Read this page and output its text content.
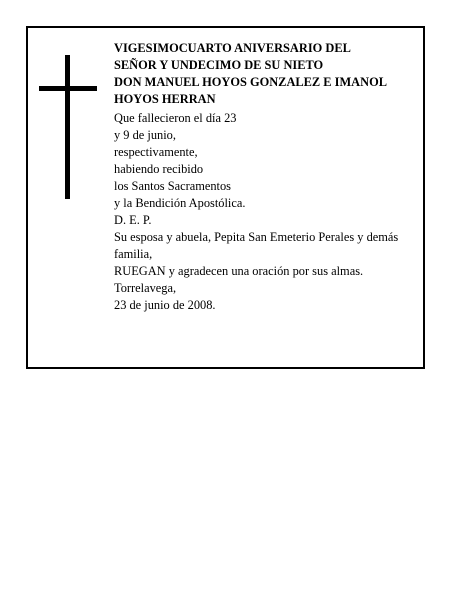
VIGESIMOCUARTO ANIVERSARIO DEL
SEÑOR Y UNDECIMO DE SU NIETO
DON MANUEL HOYOS GONZALEZ E IMANOL
HOYOS HERRAN
Que fallecieron el día 23
y 9 de junio,
respectivamente,
habiendo recibido
los Santos Sacramentos
y la Bendición Apostólica.
D. E. P.
Su esposa y abuela, Pepita San Emeterio Perales y demás familia,
RUEGAN y agradecen una oración por sus almas.
Torrelavega,
23 de junio de 2008.
